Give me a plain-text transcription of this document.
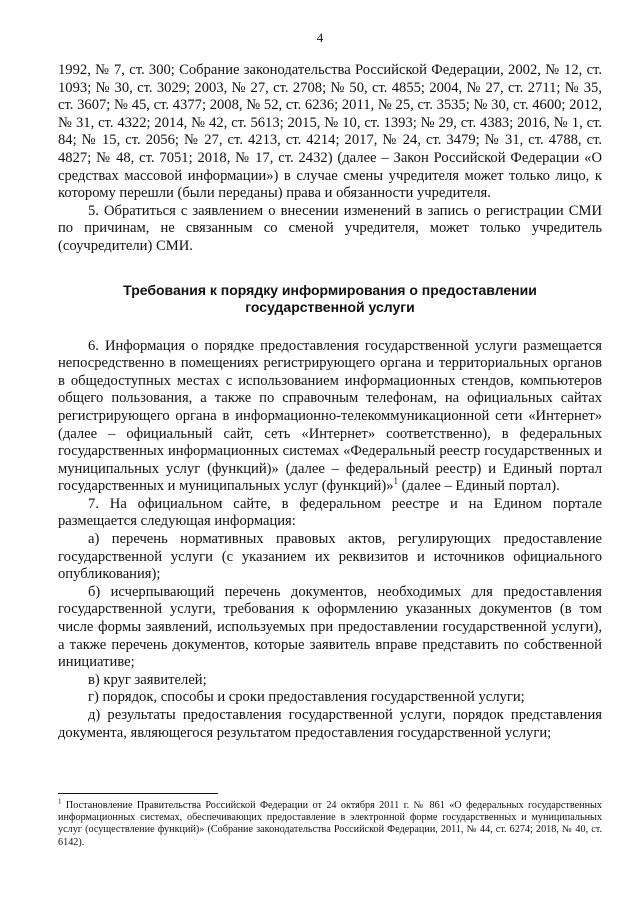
4

1992, № 7, ст. 300; Собрание законодательства Российской Федерации, 2002, № 12, ст. 1093; № 30, ст. 3029; 2003, № 27, ст. 2708; № 50, ст. 4855; 2004, № 27, ст. 2711; № 35, ст. 3607; № 45, ст. 4377; 2008, № 52, ст. 6236; 2011, № 25, ст. 3535; № 30, ст. 4600; 2012, № 31, ст. 4322; 2014, № 42, ст. 5613; 2015, № 10, ст. 1393; № 29, ст. 4383; 2016, № 1, ст. 84; № 15, ст. 2056; № 27, ст. 4213, ст. 4214; 2017, № 24, ст. 3479; № 31, ст. 4788, ст. 4827; № 48, ст. 7051; 2018, № 17, ст. 2432) (далее – Закон Российской Федерации «О средствах массовой информации») в случае смены учредителя может только лицо, к которому перешли (были переданы) права и обязанности учредителя.

5. Обратиться с заявлением о внесении изменений в запись о регистрации СМИ по причинам, не связанным со сменой учредителя, может только учредитель (соучредители) СМИ.

Требования к порядку информирования о предоставлении государственной услуги

6. Информация о порядке предоставления государственной услуги размещается непосредственно в помещениях регистрирующего органа и территориальных органов в общедоступных местах с использованием информационных стендов, компьютеров общего пользования, а также по справочным телефонам, на официальных сайтах регистрирующего органа в информационно-телекоммуникационной сети «Интернет» (далее – официальный сайт, сеть «Интернет» соответственно), в федеральных государственных информационных системах «Федеральный реестр государственных и муниципальных услуг (функций)» (далее – федеральный реестр) и Единый портал государственных и муниципальных услуг (функций)»$^1$ (далее – Единый портал).

7. На официальном сайте, в федеральном реестре и на Едином портале размещается следующая информация:

а) перечень нормативных правовых актов, регулирующих предоставление государственной услуги (с указанием их реквизитов и источников официального опубликования);

б) исчерпывающий перечень документов, необходимых для предоставления государственной услуги, требования к оформлению указанных документов (в том числе формы заявлений, используемых при предоставлении государственной услуги), а также перечень документов, которые заявитель вправе представить по собственной инициативе;

в) круг заявителей;

г) порядок, способы и сроки предоставления государственной услуги;

д) результаты предоставления государственной услуги, порядок представления документа, являющегося результатом предоставления государственной услуги;

$^1$ Постановление Правительства Российской Федерации от 24 октября 2011 г. № 861 «О федеральных государственных информационных системах, обеспечивающих предоставление в электронной форме государственных и муниципальных услуг (осуществление функций)» (Собрание законодательства Российской Федерации, 2011, № 44, ст. 6274; 2018, № 40, ст. 6142).
